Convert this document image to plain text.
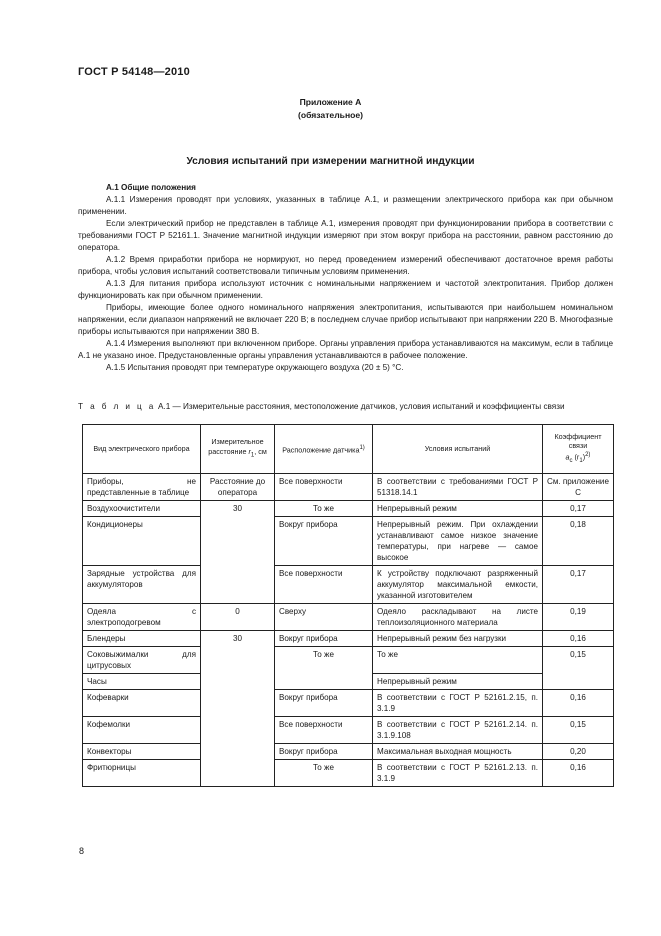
ГОСТ Р 54148—2010
Приложение А
(обязательное)
Условия испытаний при измерении магнитной индукции

А.1 Общие положения

А.1.1 Измерения проводят при условиях, указанных в таблице А.1, и размещении электрического прибора как при обычном применении.

Если электрический прибор не представлен в таблице А.1, измерения проводят при функционировании прибора в соответствии с требованиями ГОСТ Р 52161.1. Значение магнитной индукции измеряют при этом вокруг прибора на расстоянии, равном расстоянию до оператора.

А.1.2 Время приработки прибора не нормируют, но перед проведением измерений обеспечивают достаточное время работы прибора, чтобы условия испытаний соответствовали типичным условиям применения.

А.1.3 Для питания прибора используют источник с номинальными напряжением и частотой электропитания. Прибор должен функционировать как при обычном применении.

Приборы, имеющие более одного номинального напряжения электропитания, испытываются при наибольшем номинальном напряжении, если диапазон напряжений не включает 220 В; в последнем случае прибор испытывают при напряжении 220 В. Многофазные приборы испытываются при напряжении 380 В.

А.1.4 Измерения выполняют при включенном приборе. Органы управления прибора устанавливаются на максимум, если в таблице А.1 не указано иное. Предустановленные органы управления устанавливаются в рабочее положение.

А.1.5 Испытания проводят при температуре окружающего воздуха (20 ± 5) °С.

Т а б л и ц а А.1 — Измерительные расстояния, местоположение датчиков, условия испытаний и коэффициенты связи
Вид электрического прибора	Измерительное расстояние $r_1$, см	Расположение датчика$^{1)}$	Условия испытаний	Коэффициент связи
$a_c$ $(r_1)^{2)}$
Приборы, не представленные в таблице	Расстояние до оператора	Все поверхности	В соответствии с требованиями ГОСТ Р 51318.14.1	См. приложение С
Воздухоочистители	30	То же	Непрерывный режим	0,17
Кондиционеры		Вокруг прибора	Непрерывный режим. При охлаждении устанавливают самое низкое значение температуры, при нагреве — самое высокое	0,18
Зарядные устройства для аккумуляторов		Все поверхности	К устройству подключают разряженный аккумулятор максимальной емкости, указанной изготовителем	0,17
Одеяла с электроподогревом	0	Сверху	Одеяло раскладывают на листе теплоизоляционного материала	0,19
Блендеры	30	Вокруг прибора	Непрерывный режим без нагрузки	0,16
Соковыжималки для цитрусовых		То же	То же	0,15
Часы			Непрерывный режим	
Кофеварки		Вокруг прибора	В соответствии с ГОСТ Р 52161.2.15, п. 3.1.9	0,16
Кофемолки		Все поверхности	В соответствии с ГОСТ Р 52161.2.14. п. 3.1.9.108	0,15
Конвекторы		Вокруг прибора	Максимальная выходная мощность	0,20
Фритюрницы		То же	В соответствии с ГОСТ Р 52161.2.13. п. 3.1.9	0,16
8
